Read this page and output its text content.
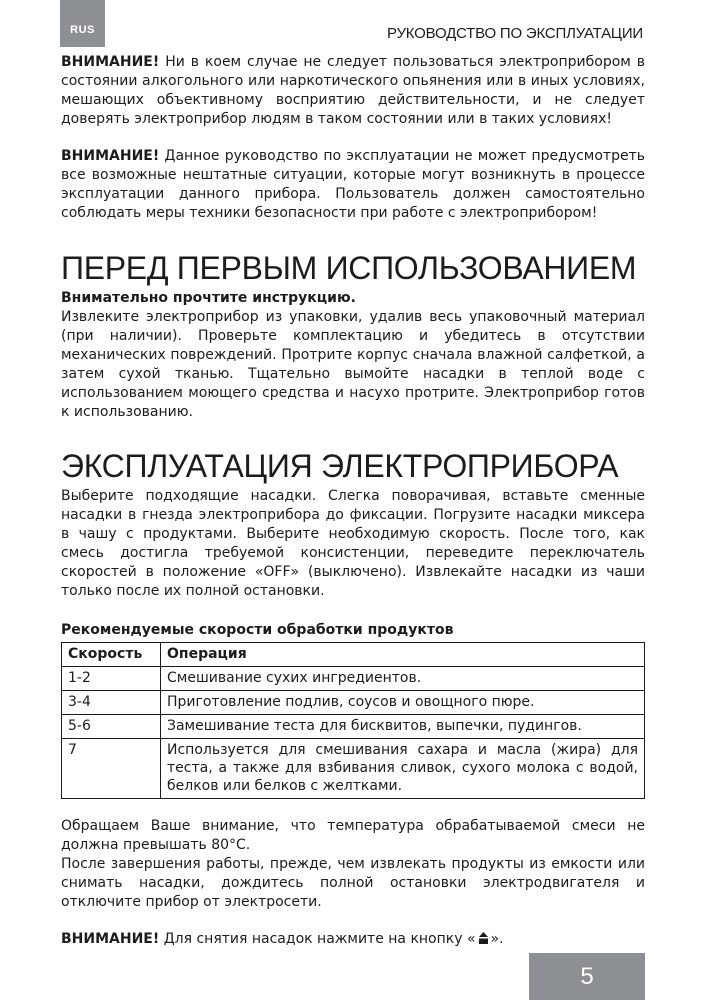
RUS	РУКОВОДСТВО ПО ЭКСПЛУАТАЦИИ

ВНИМАНИЕ! Ни в коем случае не следует пользоваться электроприбором в состоянии алкогольного или наркотического опьянения или в иных условиях, мешающих объективному восприятию действительности, и не следует доверять электроприбор людям в таком состоянии или в таких условиях!

ВНИМАНИЕ! Данное руководство по эксплуатации не может предусмотреть все возможные нештатные ситуации, которые могут возникнуть в процессе эксплуатации данного прибора. Пользователь должен самостоятельно соблюдать меры техники безопасности при работе с электроприбором!

ПЕРЕД ПЕРВЫМ ИСПОЛЬЗОВАНИЕМ
Внимательно прочтите инструкцию.

Извлеките электроприбор из упаковки, удалив весь упаковочный материал (при наличии). Проверьте комплектацию и убедитесь в отсутствии механических повреждений. Протрите корпус сначала влажной салфеткой, а затем сухой тканью. Тщательно вымойте насадки в теплой воде с использованием моющего средства и насухо протрите. Электроприбор готов к использованию.

ЭКСПЛУАТАЦИЯ ЭЛЕКТРОПРИБОРА

Выберите подходящие насадки. Слегка поворачивая, вставьте сменные насадки в гнезда электроприбора до фиксации. Погрузите насадки миксера в чашу с продуктами. Выберите необходимую скорость. После того, как смесь достигла требуемой консистенции, переведите переключатель скоростей в положение «OFF» (выключено). Извлекайте насадки из чаши только после их полной остановки.

Рекомендуемые скорости обработки продуктов
Скорость	Операция
1-2	Смешивание сухих ингредиентов.
3-4	Приготовление подлив, соусов и овощного пюре.
5-6	Замешивание теста для бисквитов, выпечки, пудингов.
7	Используется для смешивания сахара и масла (жира) для теста, а также для взбивания сливок, сухого молока с водой, белков или белков с желтками.

Обращаем Ваше внимание, что температура обрабатываемой смеси не должна превышать 80°С.

После завершения работы, прежде, чем извлекать продукты из емкости или снимать насадки, дождитесь полной остановки электродвигателя и отключите прибор от электросети.

ВНИМАНИЕ! Для снятия насадок нажмите на кнопку « ».

5
